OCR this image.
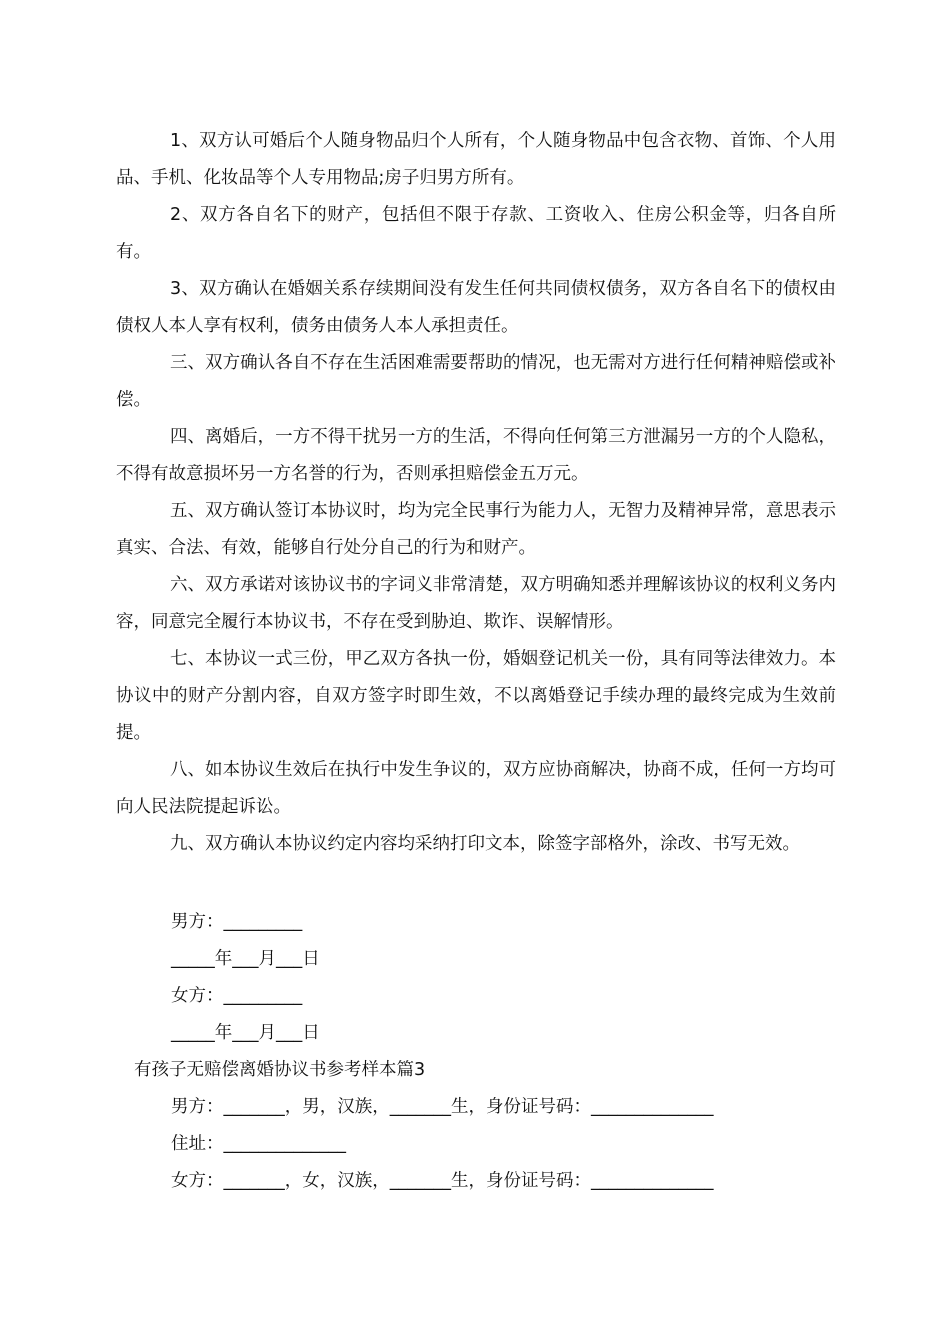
1、双方认可婚后个人随身物品归个人所有，个人随身物品中包含衣物、首饰、个人用品、手机、化妆品等个人专用物品;房子归男方所有。

2、双方各自名下的财产，包括但不限于存款、工资收入、住房公积金等，归各自所有。

3、双方确认在婚姻关系存续期间没有发生任何共同债权债务，双方各自名下的债权由债权人本人享有权利，债务由债务人本人承担责任。

三、双方确认各自不存在生活困难需要帮助的情况，也无需对方进行任何精神赔偿或补偿。

四、离婚后，一方不得干扰另一方的生活，不得向任何第三方泄漏另一方的个人隐私，不得有故意损坏另一方名誉的行为，否则承担赔偿金五万元。

五、双方确认签订本协议时，均为完全民事行为能力人，无智力及精神异常，意思表示真实、合法、有效，能够自行处分自己的行为和财产。

六、双方承诺对该协议书的字词义非常清楚，双方明确知悉并理解该协议的权利义务内容，同意完全履行本协议书，不存在受到胁迫、欺诈、误解情形。

七、本协议一式三份，甲乙双方各执一份，婚姻登记机关一份，具有同等法律效力。本协议中的财产分割内容，自双方签字时即生效，不以离婚登记手续办理的最终完成为生效前提。

八、如本协议生效后在执行中发生争议的，双方应协商解决，协商不成，任何一方均可向人民法院提起诉讼。

九、双方确认本协议约定内容均采纳打印文本，除签字部格外，涂改、书写无效。

男方：_________
_____年___月___日
女方：_________
_____年___月___日
有孩子无赔偿离婚协议书参考样本篇3
男方：_______，男，汉族，_______生，身份证号码：______________
住址：______________
女方：_______，女，汉族，_______生，身份证号码：______________
